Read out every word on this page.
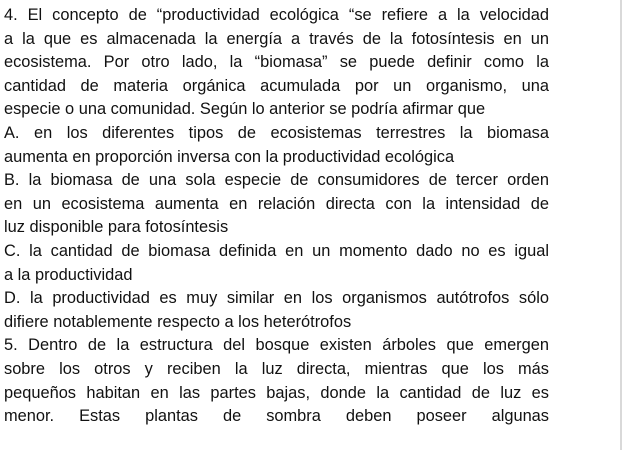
4. El concepto de “productividad ecológica “se refiere a la velocidad
a la que es almacenada la energía a través de la fotosíntesis en un
ecosistema. Por otro lado, la “biomasa” se puede definir como la
cantidad de materia orgánica acumulada por un organismo, una
especie o una comunidad. Según lo anterior se podría afirmar que
A. en los diferentes tipos de ecosistemas terrestres la biomasa
aumenta en proporción inversa con la productividad ecológica
B. la biomasa de una sola especie de consumidores de tercer orden
en un ecosistema aumenta en relación directa con la intensidad de
luz disponible para fotosíntesis
C. la cantidad de biomasa definida en un momento dado no es igual
a la productividad
D. la productividad es muy similar en los organismos autótrofos sólo
difiere notablemente respecto a los heterótrofos
5. Dentro de la estructura del bosque existen árboles que emergen
sobre los otros y reciben la luz directa, mientras que los más
pequeños habitan en las partes bajas, donde la cantidad de luz es
menor. Estas plantas de sombra deben poseer algunas
